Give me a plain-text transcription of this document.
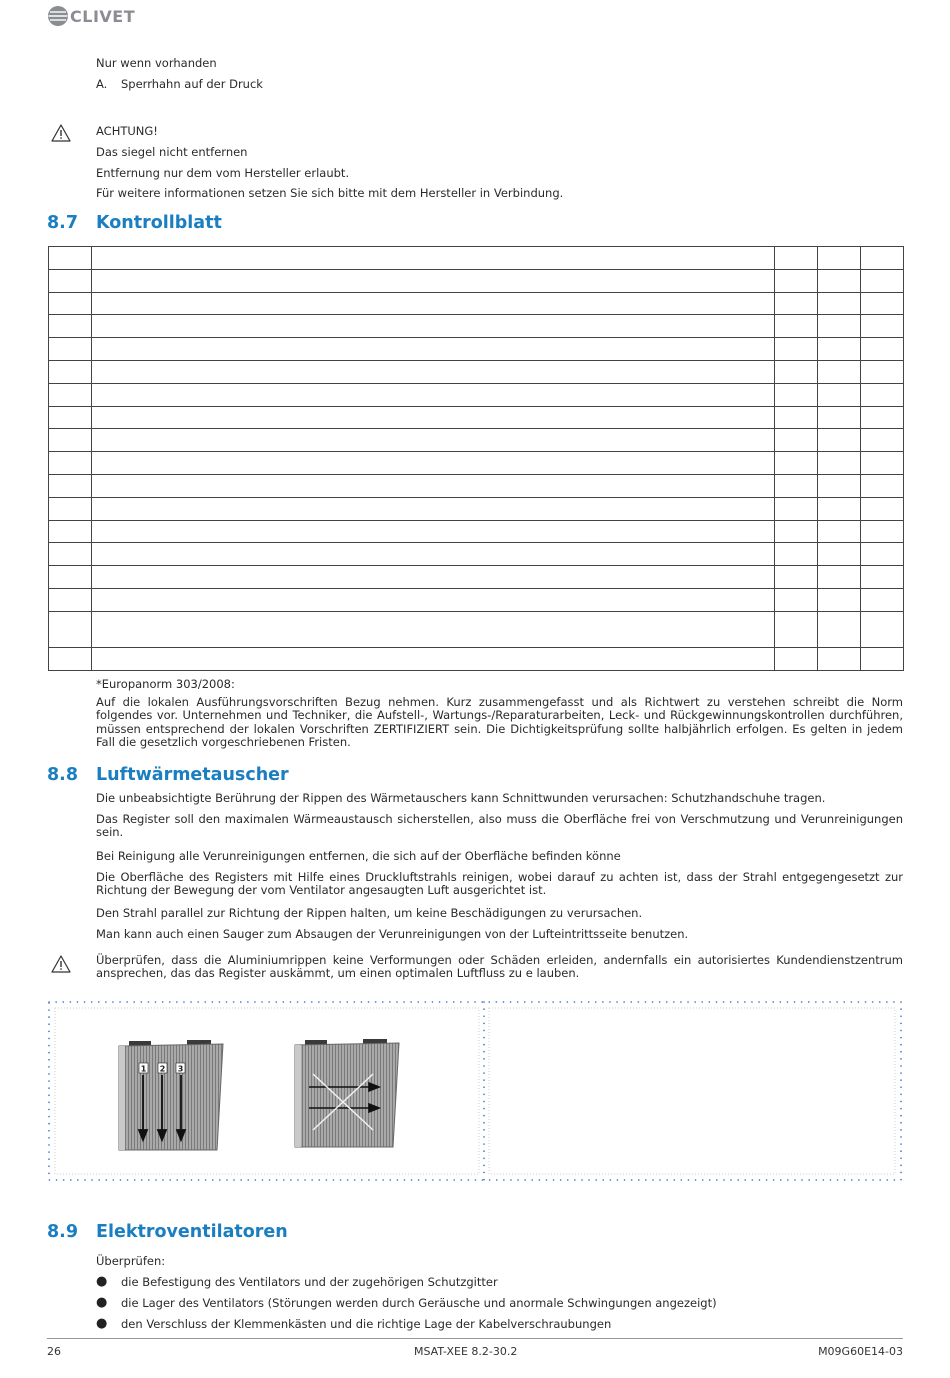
CLIVET
Nur wenn vorhanden
A. Sperrhahn auf der Druck
ACHTUNG!
Das siegel nicht entfernen
Entfernung nur dem vom Hersteller erlaubt.
Für weitere informationen setzen Sie sich bitte mit dem Hersteller in Verbindung.
8.7 Kontrollblatt

*Europanorm 303/2008:
Auf die lokalen Ausführungsvorschriften Bezug nehmen. Kurz zusammengefasst und als Richtwert zu verstehen schreibt die Norm folgendes vor. Unternehmen und Techniker, die Aufstell-, Wartungs-/Reparaturarbeiten, Leck- und Rückgewinnungskontrollen durchführen, müssen entsprechend der lokalen Vorschriften ZERTIFIZIERT sein. Die Dichtigkeitsprüfung sollte halbjährlich erfolgen. Es gelten in jedem Fall die gesetzlich vorgeschriebenen Fristen.
8.8 Luftwärmetauscher
Die unbeabsichtigte Berührung der Rippen des Wärmetauschers kann Schnittwunden verursachen: Schutzhandschuhe tragen.
Das Register soll den maximalen Wärmeaustausch sicherstellen, also muss die Oberfläche frei von Verschmutzung und Verunreinigungen sein.
Bei Reinigung alle Verunreinigungen entfernen, die sich auf der Oberfläche befinden könne
Die Oberfläche des Registers mit Hilfe eines Druckluftstrahls reinigen, wobei darauf zu achten ist, dass der Strahl entgegengesetzt zur Richtung der Bewegung der vom Ventilator angesaugten Luft ausgerichtet ist.
Den Strahl parallel zur Richtung der Rippen halten, um keine Beschädigungen zu verursachen.
Man kann auch einen Sauger zum Absaugen der Verunreinigungen von der Lufteintrittsseite benutzen.
Überprüfen, dass die Aluminiumrippen keine Verformungen oder Schäden erleiden, andernfalls ein autorisiertes Kundendienstzentrum ansprechen, das das Register auskämmt, um einen optimalen Luftfluss zu e lauben.
1 2 3
8.9 Elektroventilatoren
Überprüfen:
● die Befestigung des Ventilators und der zugehörigen Schutzgitter
● die Lager des Ventilators (Störungen werden durch Geräusche und anormale Schwingungen angezeigt)
● den Verschluss der Klemmenkästen und die richtige Lage der Kabelverschraubungen
26	MSAT-XEE 8.2-30.2	M09G60E14-03
